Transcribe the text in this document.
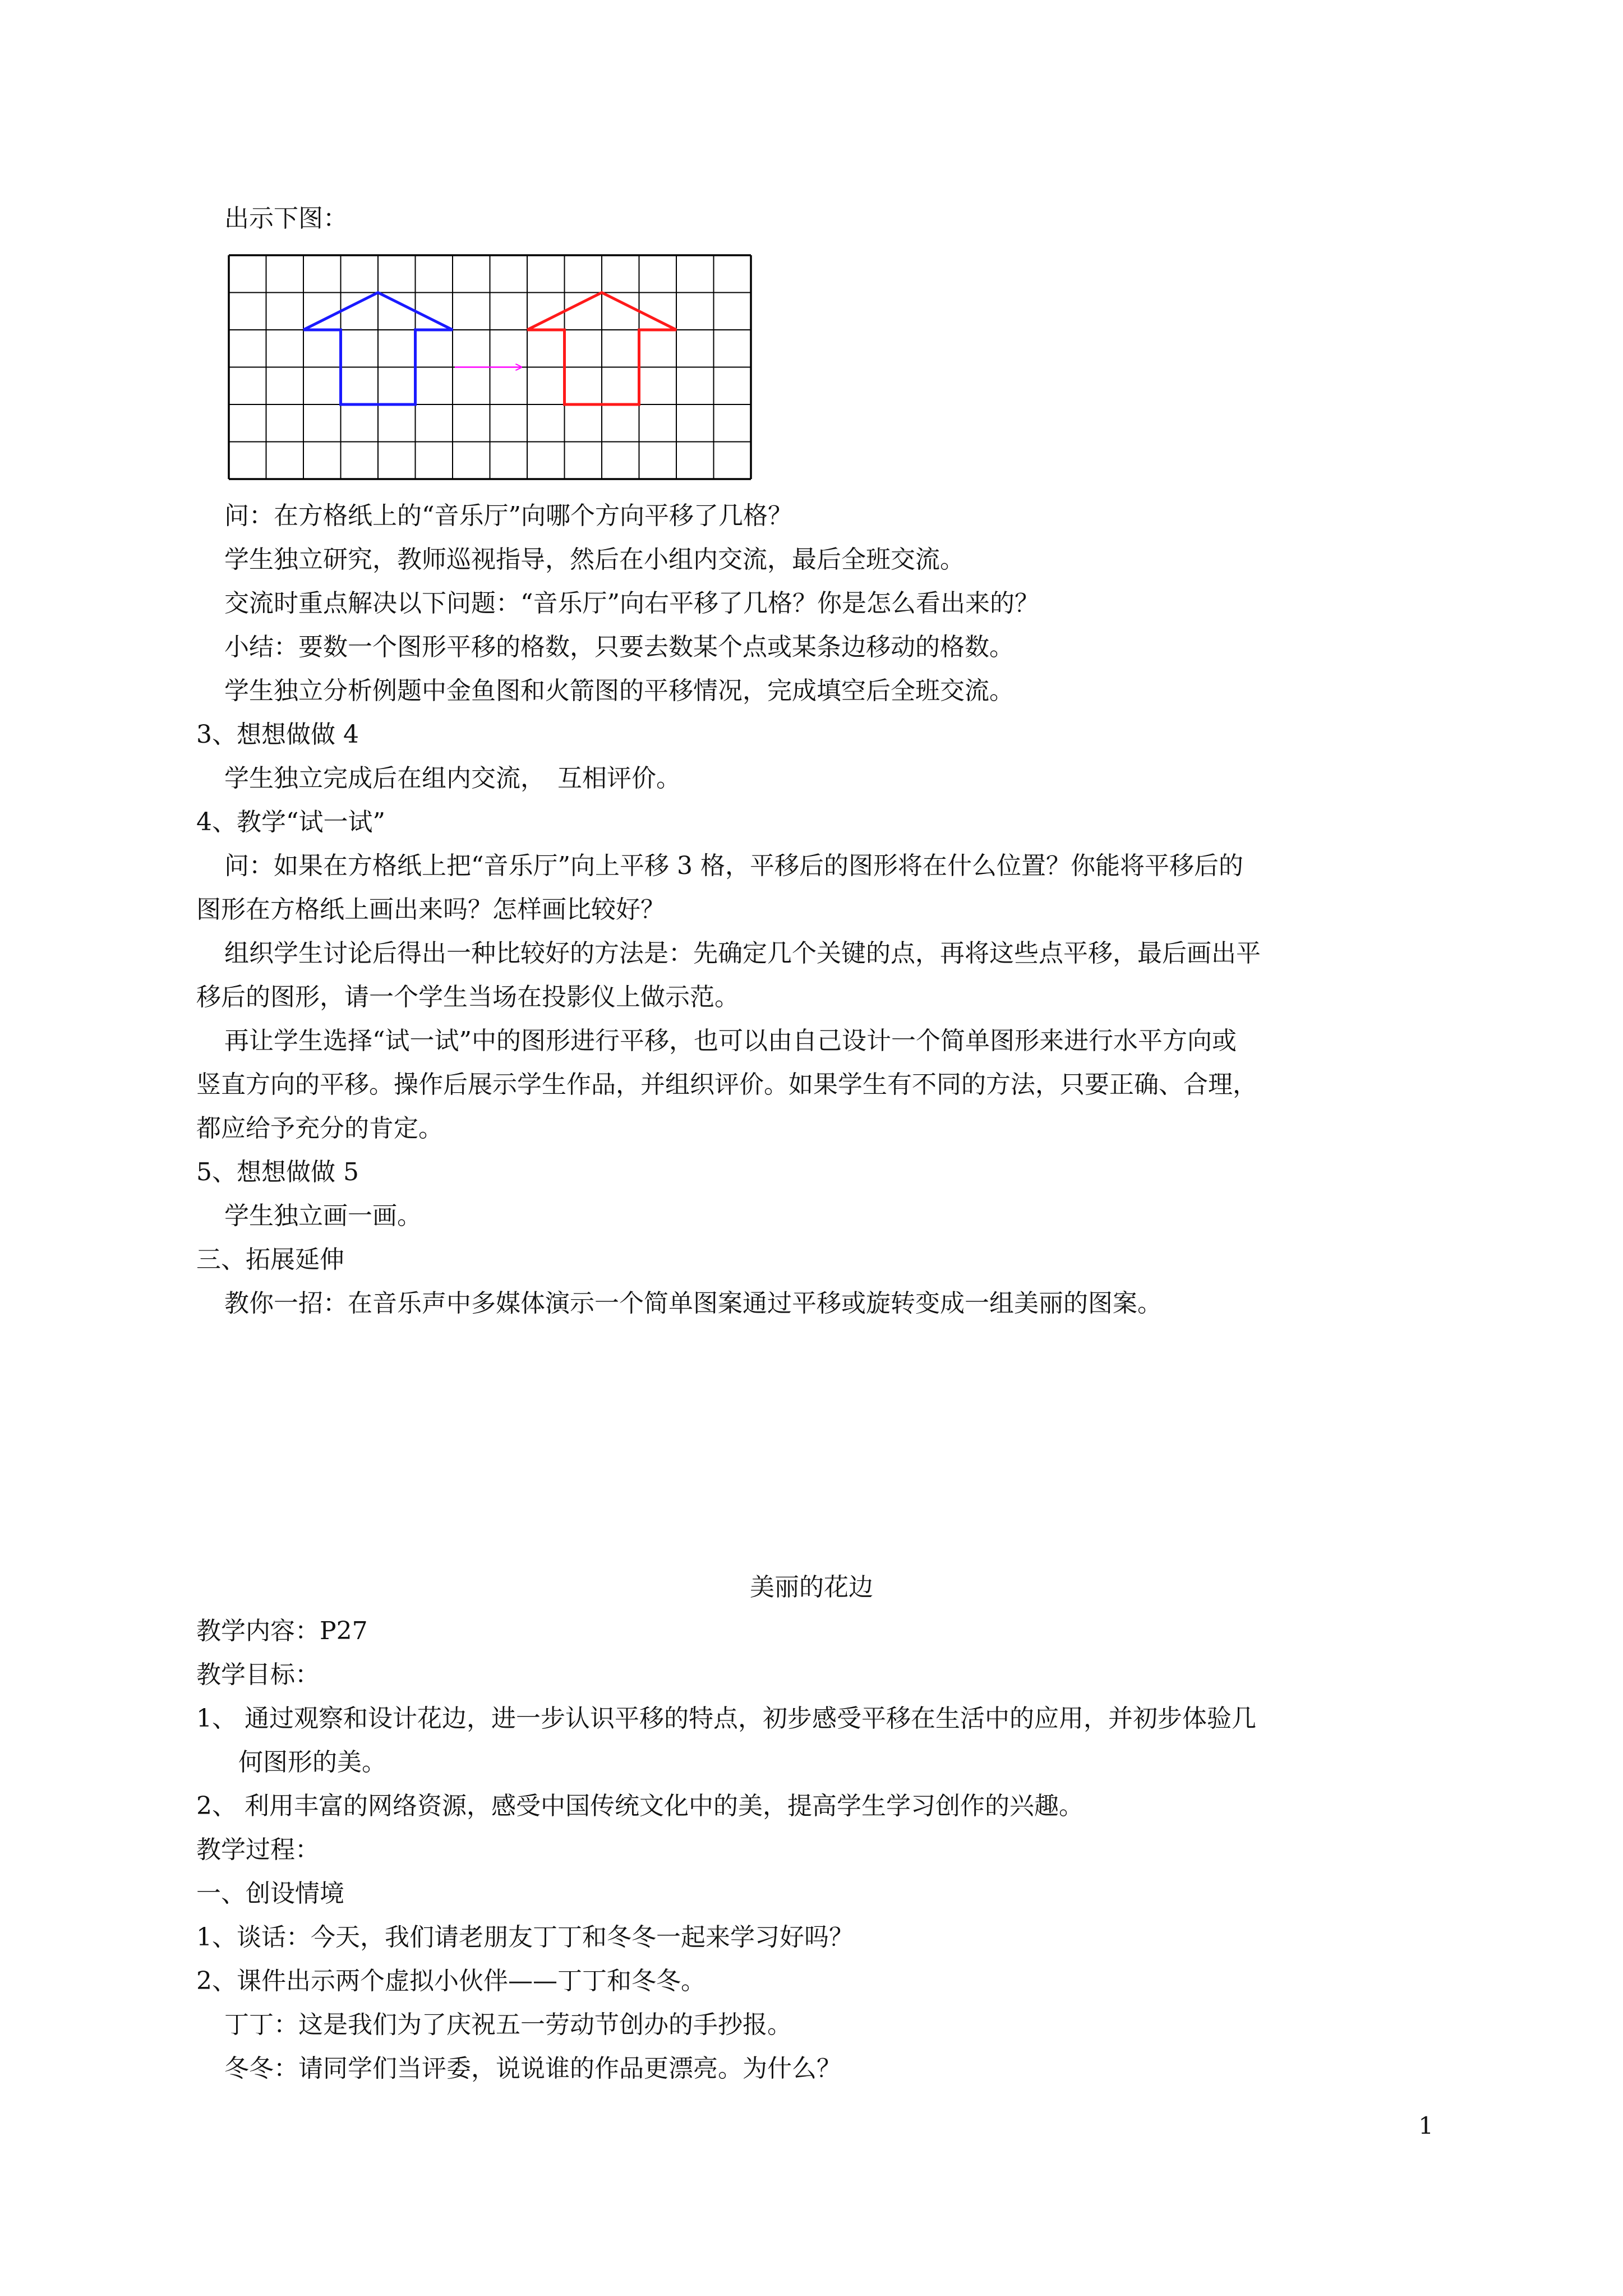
出示下图：

问：在方格纸上的“音乐厅”向哪个方向平移了几格？

学生独立研究，教师巡视指导，然后在小组内交流，最后全班交流。

交流时重点解决以下问题：“音乐厅”向右平移了几格？你是怎么看出来的？

小结：要数一个图形平移的格数，只要去数某个点或某条边移动的格数。

学生独立分析例题中金鱼图和火箭图的平移情况，完成填空后全班交流。

3、想想做做 4

学生独立完成后在组内交流，　互相评价。

4、教学“试一试”

问：如果在方格纸上把“音乐厅”向上平移 3 格，平移后的图形将在什么位置？你能将平移后的

图形在方格纸上画出来吗？怎样画比较好？

组织学生讨论后得出一种比较好的方法是：先确定几个关键的点，再将这些点平移，最后画出平

移后的图形，请一个学生当场在投影仪上做示范。

再让学生选择“试一试”中的图形进行平移，也可以由自己设计一个简单图形来进行水平方向或

竖直方向的平移。操作后展示学生作品，并组织评价。如果学生有不同的方法，只要正确、合理，

都应给予充分的肯定。

5、想想做做 5

学生独立画一画。

三、拓展延伸

教你一招：在音乐声中多媒体演示一个简单图案通过平移或旋转变成一组美丽的图案。

美丽的花边

教学内容：P27

教学目标：

1、 通过观察和设计花边，进一步认识平移的特点，初步感受平移在生活中的应用，并初步体验几

何图形的美。

2、 利用丰富的网络资源，感受中国传统文化中的美，提高学生学习创作的兴趣。

教学过程：

一、创设情境

1、谈话：今天，我们请老朋友丁丁和冬冬一起来学习好吗？

2、课件出示两个虚拟小伙伴——丁丁和冬冬。

丁丁：这是我们为了庆祝五一劳动节创办的手抄报。

冬冬：请同学们当评委，说说谁的作品更漂亮。为什么？

1
